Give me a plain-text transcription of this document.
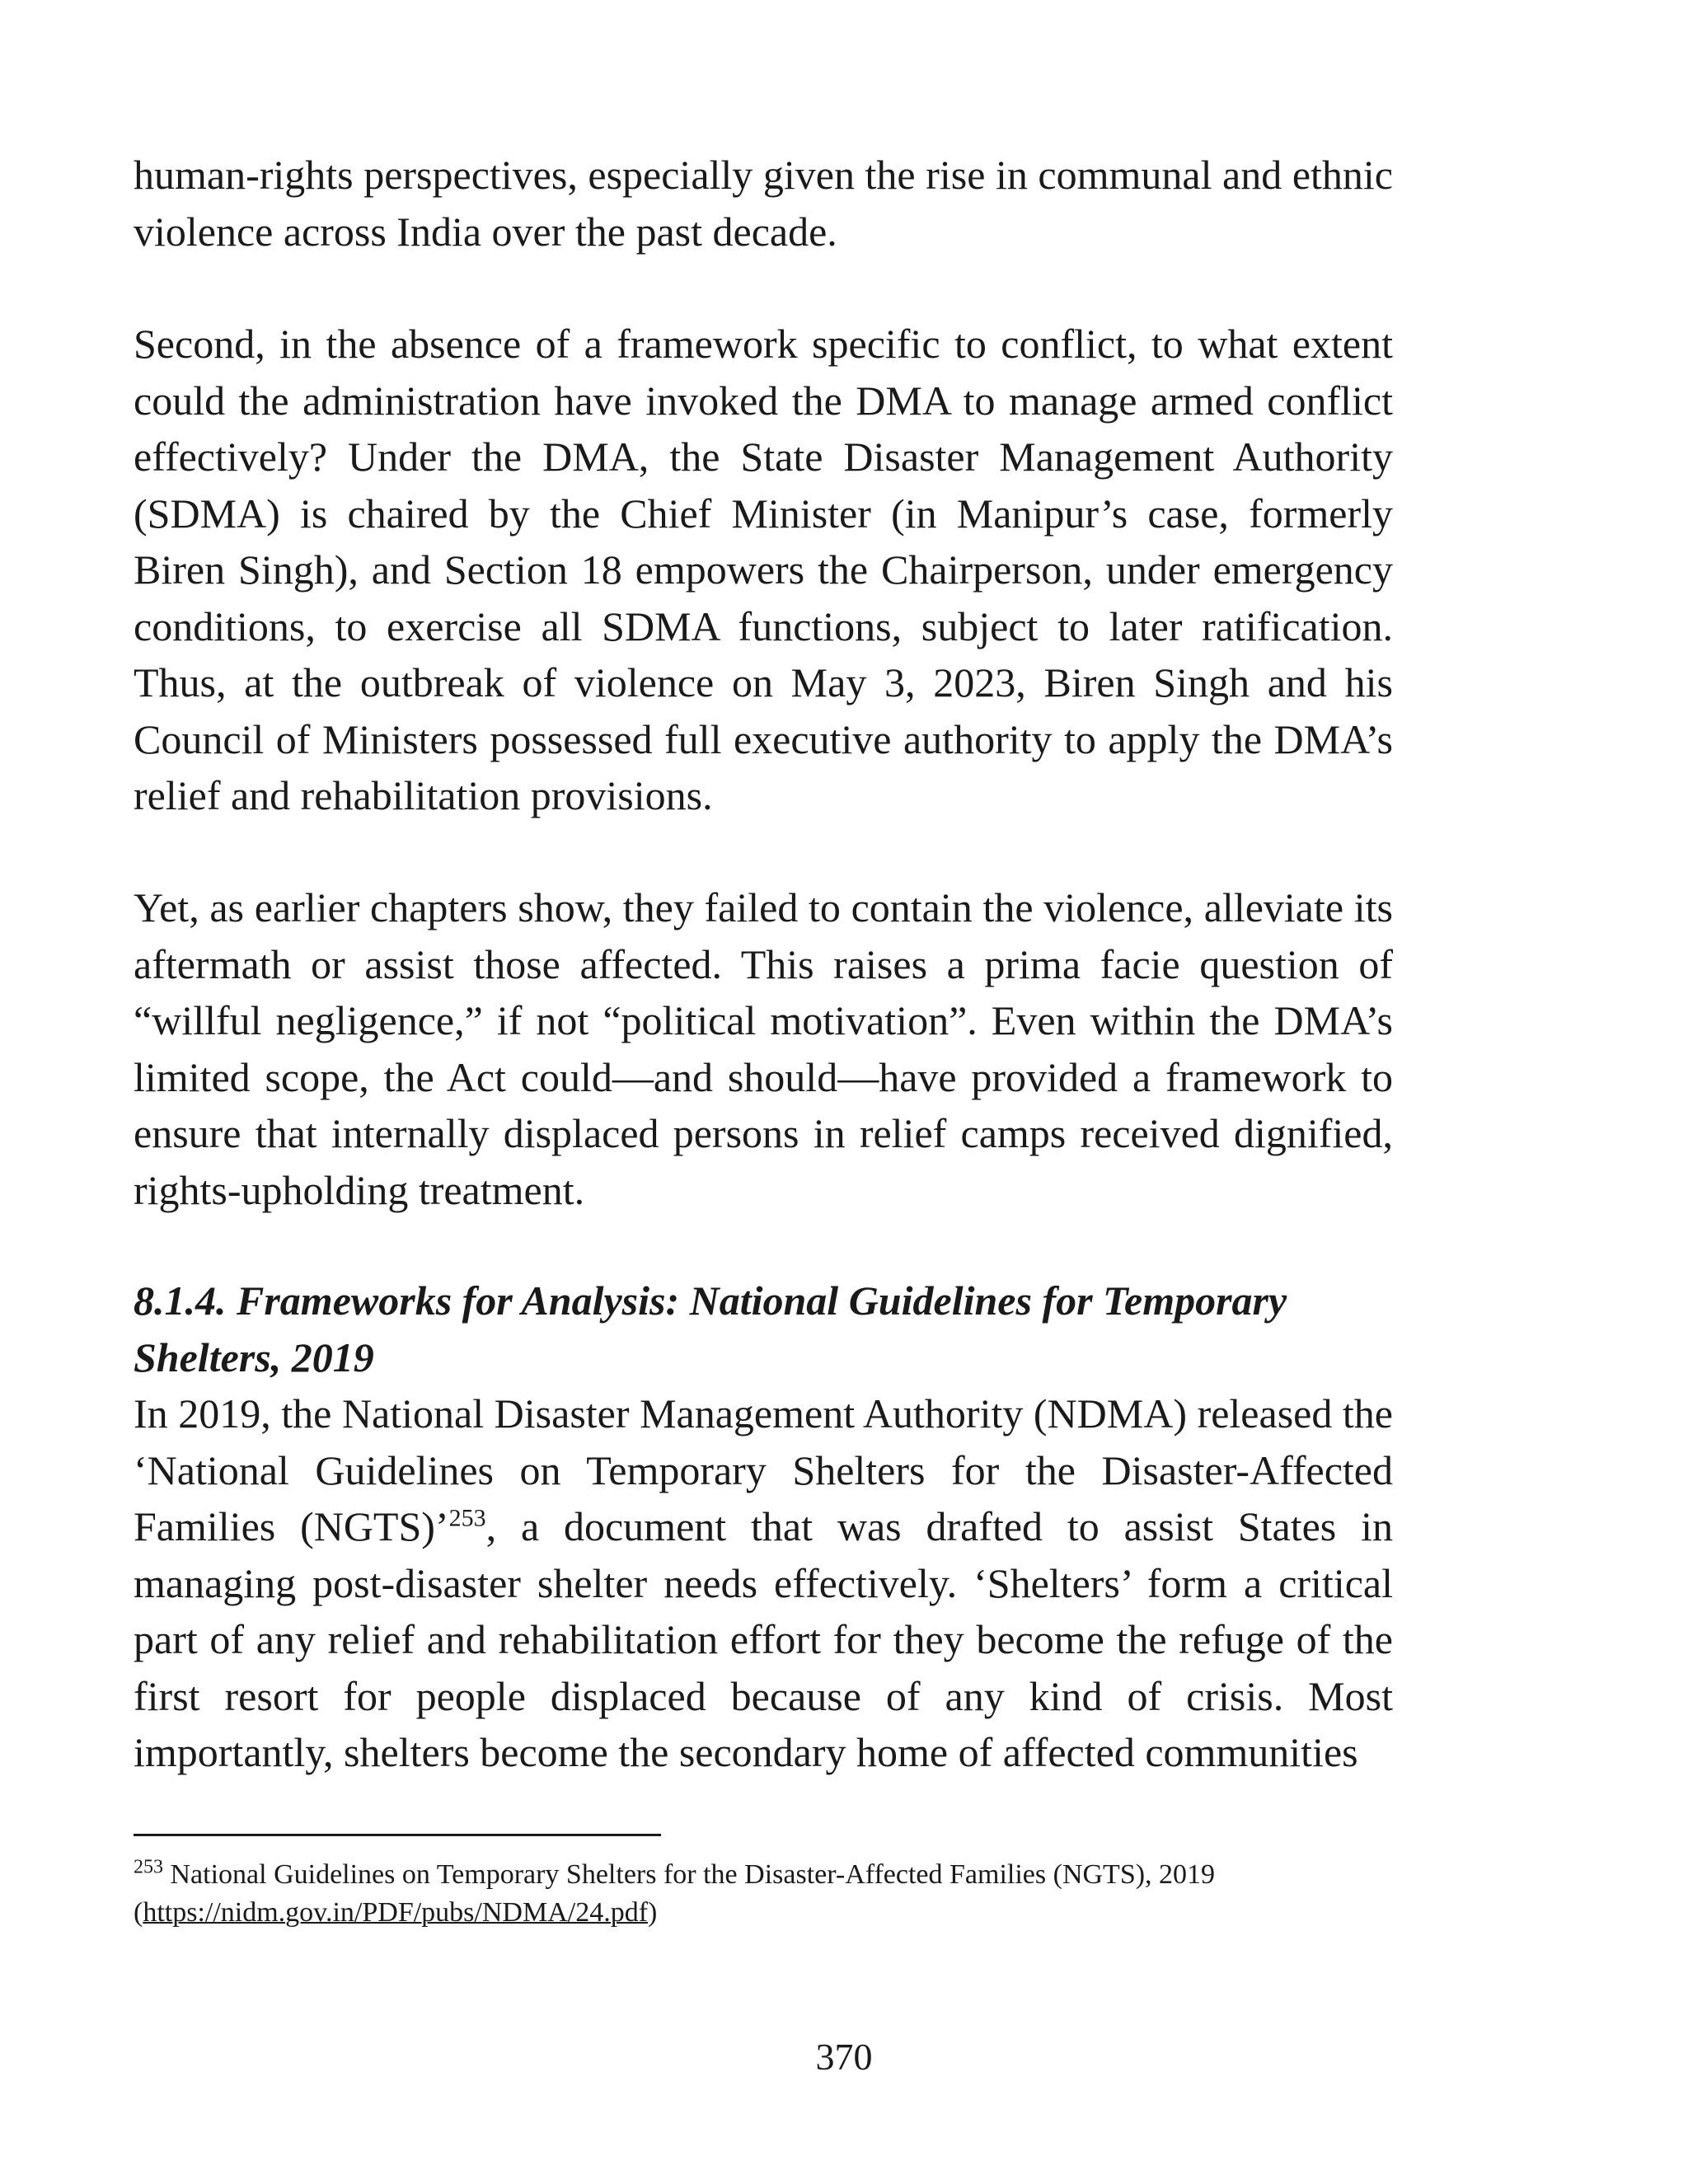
human-rights perspectives, especially given the rise in communal and ethnic violence across India over the past decade.

Second, in the absence of a framework specific to conflict, to what extent could the administration have invoked the DMA to manage armed conflict effectively? Under the DMA, the State Disaster Management Authority (SDMA) is chaired by the Chief Minister (in Manipur’s case, formerly Biren Singh), and Section 18 empowers the Chairperson, under emergency conditions, to exercise all SDMA functions, subject to later ratification. Thus, at the outbreak of violence on May 3, 2023, Biren Singh and his Council of Ministers possessed full executive authority to apply the DMA’s relief and rehabilitation provisions.

Yet, as earlier chapters show, they failed to contain the violence, alleviate its aftermath or assist those affected. This raises a prima facie question of “willful negligence,” if not “political motivation”. Even within the DMA’s limited scope, the Act could—and should—have provided a framework to ensure that internally displaced persons in relief camps received dignified, rights-upholding treatment.

8.1.4. Frameworks for Analysis: National Guidelines for Temporary Shelters, 2019

In 2019, the National Disaster Management Authority (NDMA) released the ‘National Guidelines on Temporary Shelters for the Disaster-Affected Families (NGTS)’$^{253}$, a document that was drafted to assist States in managing post-disaster shelter needs effectively. ‘Shelters’ form a critical part of any relief and rehabilitation effort for they become the refuge of the first resort for people displaced because of any kind of crisis. Most importantly, shelters become the secondary home of affected communities

$^{253}$ National Guidelines on Temporary Shelters for the Disaster-Affected Families (NGTS), 2019 (https://nidm.gov.in/PDF/pubs/NDMA/24.pdf)

370
